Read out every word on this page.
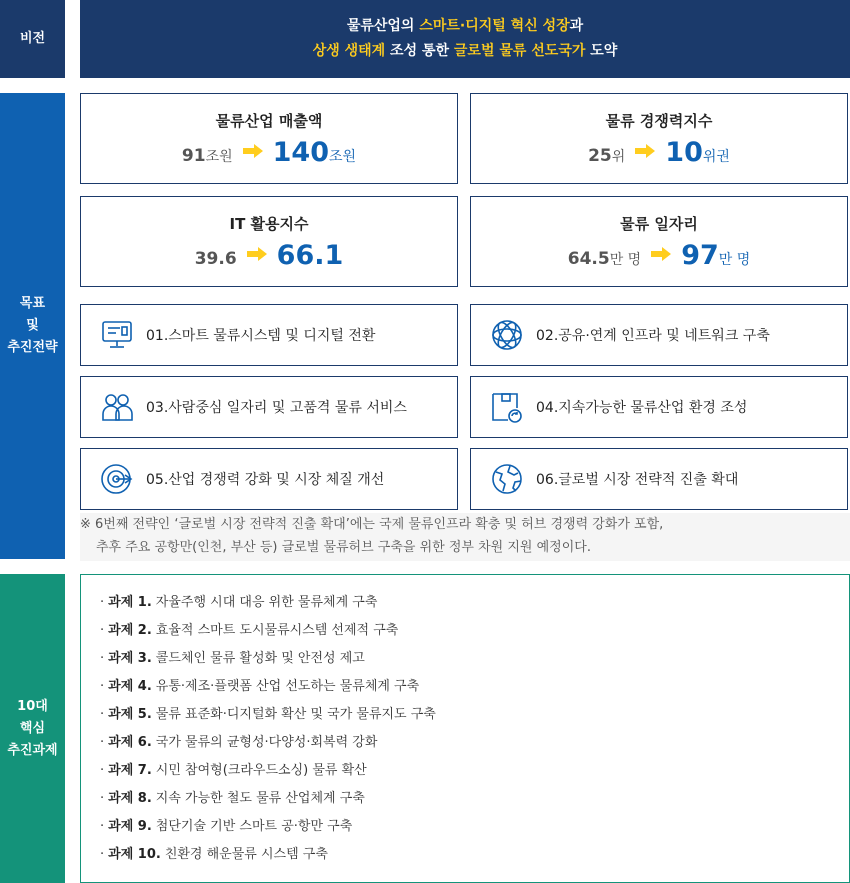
비전
목표
및
추진전략
10대
핵심
추진과제
물류산업의 스마트·디지털 혁신 성장과
상생 생태계 조성 통한 글로벌 물류 선도국가 도약
물류산업 매출액
91 조원 140 조원
물류 경쟁력지수
25 위 10 위권
IT 활용지수
39.6 66.1
물류 일자리
64.5 만 명 97 만 명
01.스마트 물류시스템 및 디지털 전환	02.공유·연계 인프라 및 네트워크 구축
03.사람중심 일자리 및 고품격 물류 서비스	04.지속가능한 물류산업 환경 조성
05.산업 경쟁력 강화 및 시장 체질 개선	06.글로벌 시장 전략적 진출 확대
※ 6번째 전략인 ‘글로벌 시장 전략적 진출 확대’에는 국제 물류인프라 확충 및 허브 경쟁력 강화가 포함,
추후 주요 공항만(인천, 부산 등) 글로벌 물류허브 구축을 위한 정부 차원 지원 예정이다.
· 과제 1. 자율주행 시대 대응 위한 물류체계 구축
· 과제 2. 효율적 스마트 도시물류시스템 선제적 구축
· 과제 3. 콜드체인 물류 활성화 및 안전성 제고
· 과제 4. 유통·제조·플랫폼 산업 선도하는 물류체계 구축
· 과제 5. 물류 표준화·디지털화 확산 및 국가 물류지도 구축
· 과제 6. 국가 물류의 균형성·다양성·회복력 강화
· 과제 7. 시민 참여형(크라우드소싱) 물류 확산
· 과제 8. 지속 가능한 철도 물류 산업체계 구축
· 과제 9. 첨단기술 기반 스마트 공·항만 구축
· 과제 10. 친환경 해운물류 시스템 구축
